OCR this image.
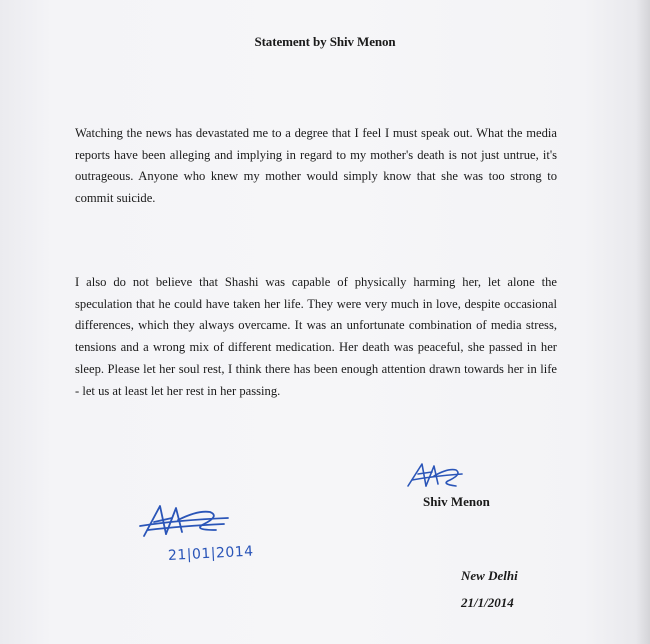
Statement by Shiv Menon
Watching the news has devastated me to a degree that I feel I must speak out. What the media reports have been alleging and implying in regard to my mother's death is not just untrue, it's outrageous. Anyone who knew my mother would simply know that she was too strong to commit suicide.
I also do not believe that Shashi was capable of physically harming her, let alone the speculation that he could have taken her life. They were very much in love, despite occasional differences, which they always overcame. It was an unfortunate combination of media stress, tensions and a wrong mix of different medication. Her death was peaceful, she passed in her sleep. Please let her soul rest, I think there has been enough attention drawn towards her in life - let us at least let her rest in her passing.
Shiv Menon
21|01|2014
New Delhi
21/1/2014
